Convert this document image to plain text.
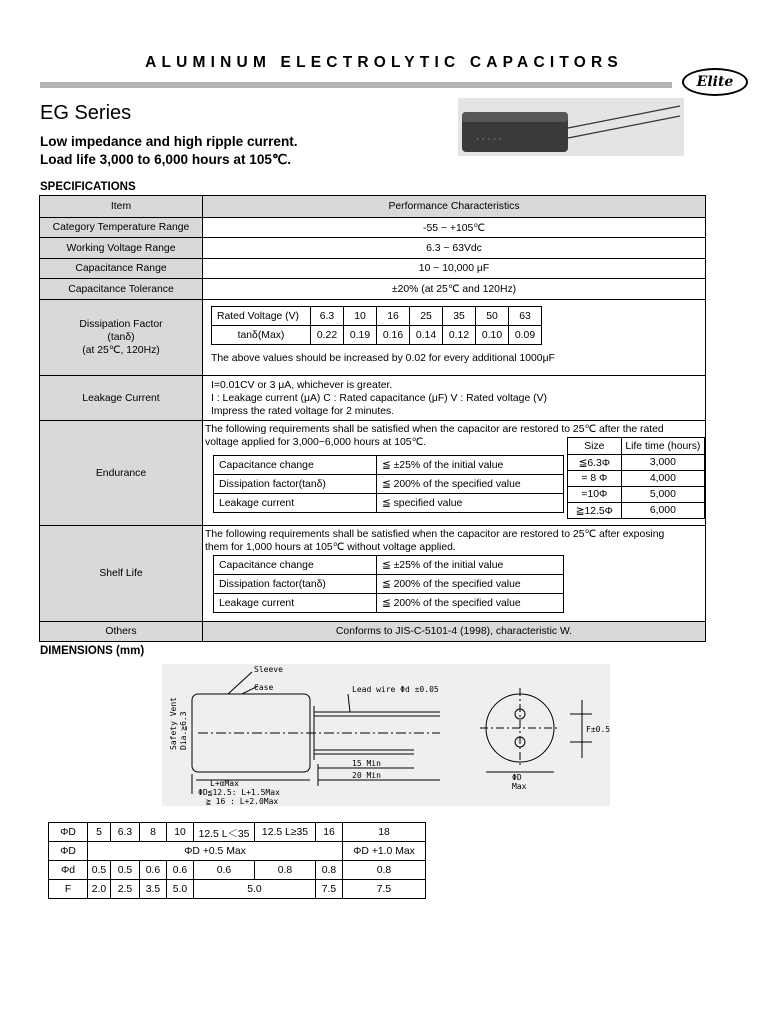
ALUMINUM ELECTROLYTIC CAPACITORS
Elite
EG Series
· · · · ·
Low impedance and high ripple current.
Load life 3,000 to 6,000 hours at 105℃.
SPECIFICATIONS
Item	Performance Characteristics
Category Temperature Range	-55 ~ +105℃
Working Voltage Range	6.3 ~ 63Vdc
Capacitance Range	10 ~ 10,000 μF
Capacitance Tolerance	±20% (at 25℃ and 120Hz)

Dissipation Factor
(tanδ)
(at 25℃, 120Hz)

Rated Voltage (V)	6.3	10	16	25	35	50	63
tanδ(Max)	0.22	0.19	0.16	0.14	0.12	0.10	0.09
The above values should be increased by 0.02 for every additional 1000μF

Leakage Current	
I=0.01CV or 3 μA, whichever is greater.
I : Leakage current (μA) C : Rated capacitance (μF) V : Rated voltage (V)
Impress the rated voltage for 2 minutes.

Endurance	
The following requirements shall be satisfied when the capacitor are restored to 25℃ after the rated
voltage applied for 3,000~6,000 hours at 105℃.
Capacitance change	≦ ±25% of the initial value
Dissipation factor(tanδ)	≦ 200% of the specified value
Leakage current	≦ specified value
Size	Life time (hours)
≦6.3Φ	3,000
= 8 Φ	4,000
=10Φ	5,000
≧12.5Φ	6,000

Shelf Life	
The following requirements shall be satisfied when the capacitor are restored to 25℃ after exposing
them for 1,000 hours at 105℃ without voltage applied.
Capacitance change	≦ ±25% of the initial value
Dissipation factor(tanδ)	≦ 200% of the specified value
Leakage current	≦ 200% of the specified value

Others	Conforms to JIS-C-5101-4 (1998), characteristic W.
DIMENSIONS (mm)
Sleeve
Case	Lead wire Φd ±0.05
L+αMax
15 Min
20 Min
ΦD≦12.5: L+1.5Max
≧ 16 : L+2.0Max
F±0.5
ΦD
Max
Safety Vent Dia.≧6.3
ΦD	5	6.3	8	10	12.5 L＜35	12.5 L≥35	16	18
ΦD	ΦD +0.5 Max							ΦD +1.0 Max
Φd	0.5	0.5	0.6	0.6	0.6	0.8	0.8	0.8
F	2.0	2.5	3.5	5.0	5.0		7.5	7.5
